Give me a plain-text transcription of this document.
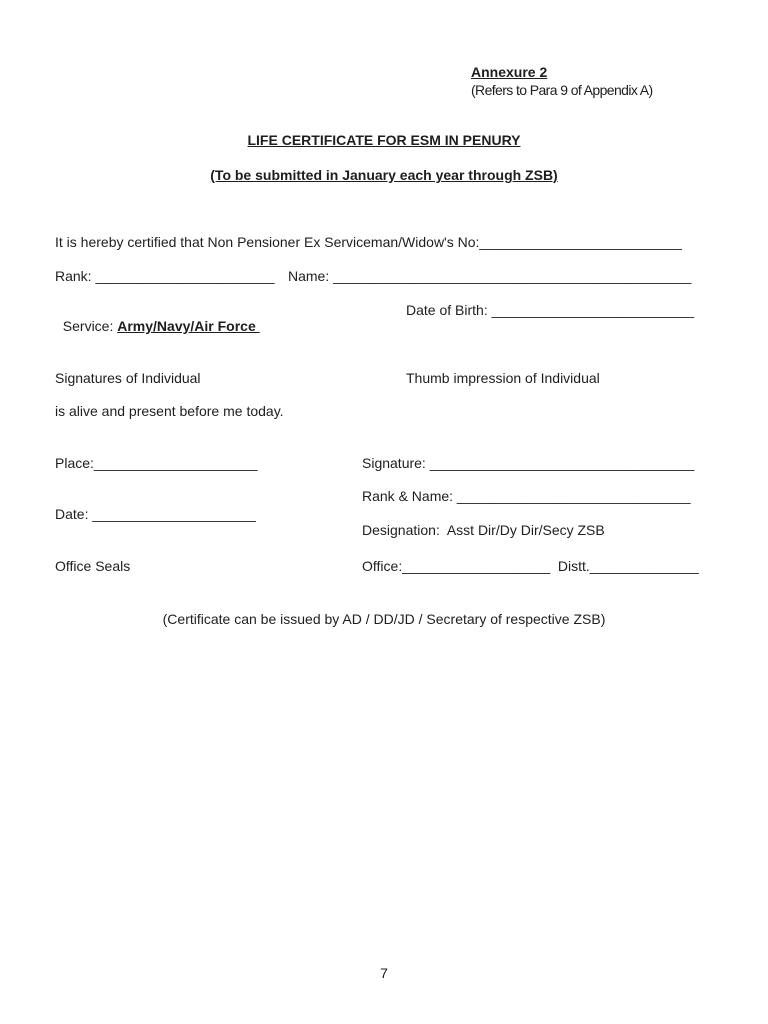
Annexure 2
(Refers to Para 9 of Appendix A)
LIFE CERTIFICATE FOR ESM IN PENURY
(To be submitted in January each year through ZSB)
It is hereby certified that Non Pensioner Ex Serviceman/Widow's No:__________________________
Rank: _______________________ Name: ______________________________________________

Service: Army/Navy/Air Force

Date of Birth: __________________________
Signatures of Individual	Thumb impression of Individual
is alive and present before me today.
Place:_____________________	Signature: __________________________________
Rank & Name: ______________________________
Date: _____________________
Designation:  Asst Dir/Dy Dir/Secy ZSB
Office Seals	Office:___________________  Distt.______________
(Certificate can be issued by AD / DD/JD / Secretary of respective ZSB)
7
